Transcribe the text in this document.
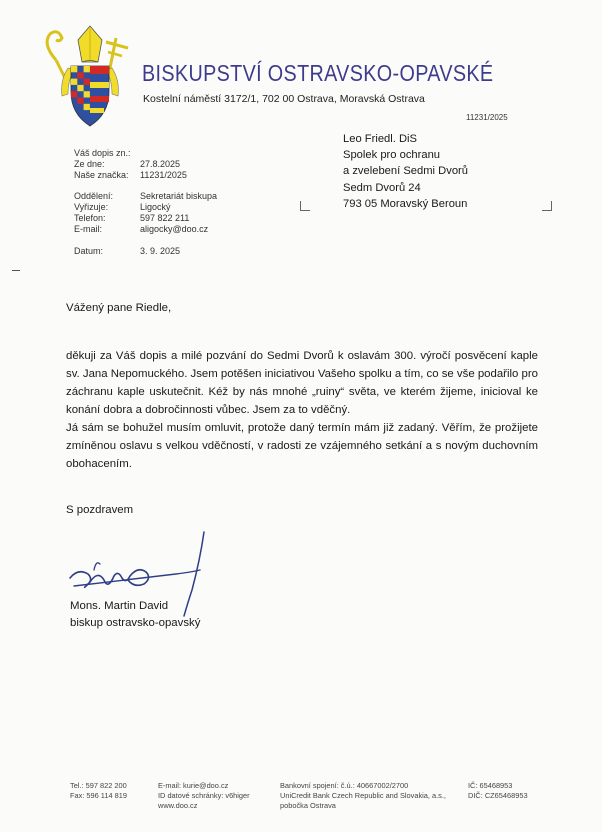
BISKUPSTVÍ OSTRAVSKO-OPAVSKÉ
Kostelní náměstí 3172/1, 702 00 Ostrava, Moravská Ostrava
11231/2025
Váš dopis zn.:
Ze dne:	27.8.2025
Naše značka: 11231/2025
Oddělení:	Sekretariát biskupa
Vyřizuje:	Ligocký
Telefon:	597 822 211
E-mail:	aligocky@doo.cz
Datum:	3. 9. 2025
Leo Friedl. DiS
Spolek pro ochranu
a zvelebení Sedmi Dvorů
Sedm Dvorů 24
793 05 Moravský Beroun
Vážený pane Riedle,
děkuji za Váš dopis a milé pozvání do Sedmi Dvorů k oslavám 300. výročí posvěcení kaple sv. Jana Nepomuckého. Jsem potěšen iniciativou Vašeho spolku a tím, co se vše podařilo pro záchranu kaple uskutečnit. Kéž by nás mnohé „ruiny“ světa, ve kterém žijeme, inicioval ke konání dobra a dobročinnosti vůbec. Jsem za to vděčný.
Já sám se bohužel musím omluvit, protože daný termín mám již zadaný. Věřím, že prožijete zmíněnou oslavu s velkou vděčností, v radosti ze vzájemného setkání a s novým duchovním obohacením.
S pozdravem
Mons. Martin David
biskup ostravsko-opavský
Tel.: 597 822 200
Fax: 596 114 819
E-mail: kurie@doo.cz
ID datové schránky: v6higer
www.doo.cz
Bankovní spojení: č.ú.: 40667002/2700
UniCredit Bank Czech Republic and Slovakia, a.s.,
pobočka Ostrava
IČ: 65468953
DIČ: CZ65468953
